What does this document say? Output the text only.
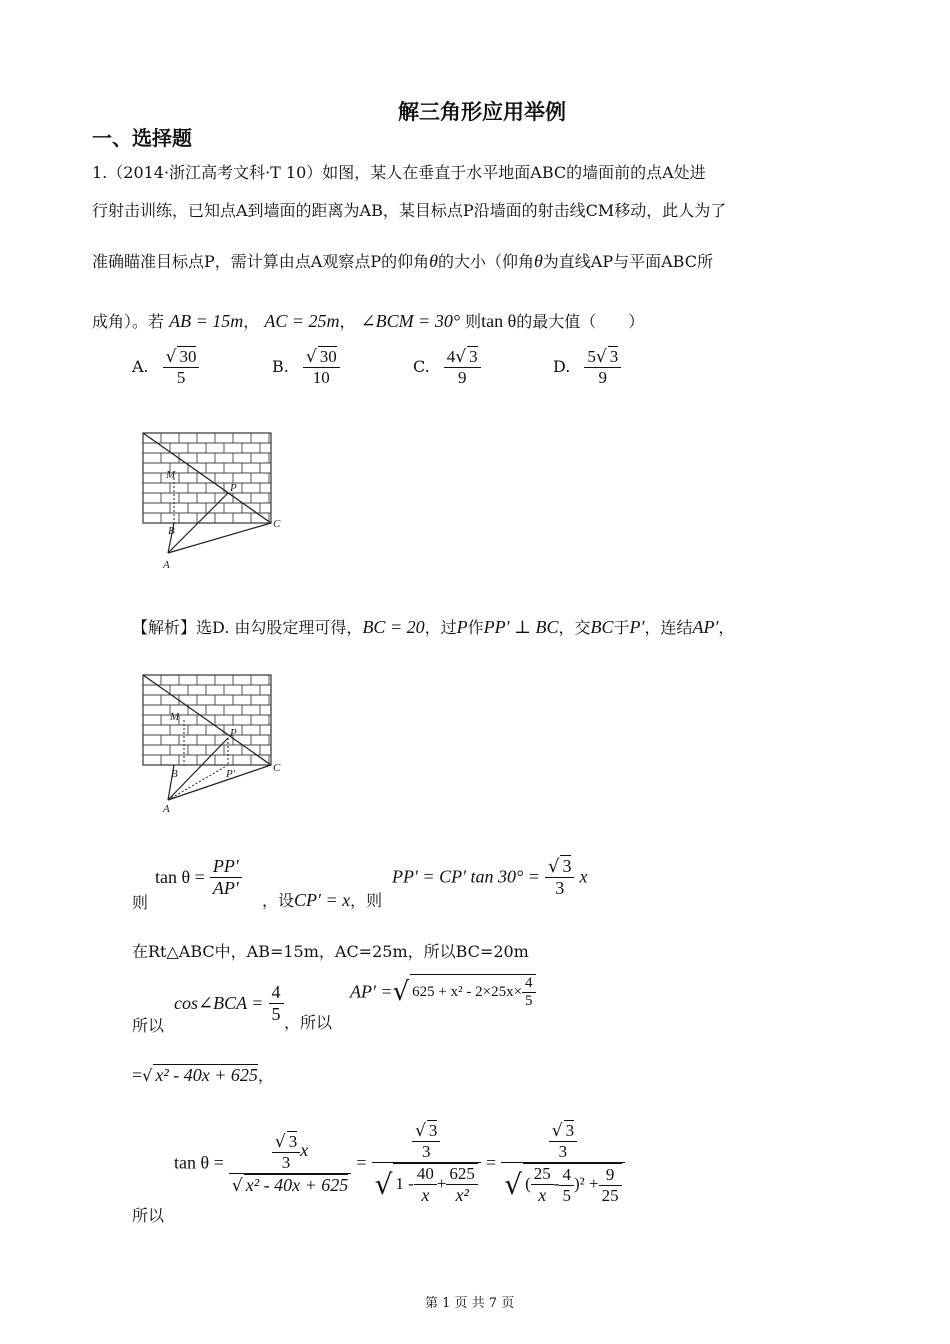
解三角形应用举例
一、选择题
1.（2014·浙江高考文科·T 10）如图，某人在垂直于水平地面ABC的墙面前的点A处进
行射击训练，已知点A到墙面的距离为AB，某目标点P沿墙面的射击线CM移动，此人为了
准确瞄准目标点P，需计算由点A观察点P的仰角θ的大小（仰角θ为直线AP与平面ABC所
成角）。若 AB = 15m， AC = 25m， ∠BCM = 30° 则tan θ的最大值（　　）
A. $\frac{√ 30}{5}$	B. $\frac{√ 30}{10}$	C. $\frac{4√ 3}{9}$	D. $\frac{5√ 3}{9}$
M
P
B
C
A
【解析】选D. 由勾股定理可得，BC = 20，过P作PP′ ⊥ BC，交BC于P′，连结AP′，
M
P
B	P′	C
A
则
$\tan \theta = \frac{PP'}{AP'}$
，设CP′ = x，则
PP′ = CP′ $\tan 30^\circ = \frac{√ 3}{3}$ x
在Rt△ABC中，AB=15m，AC=25m，所以BC=20m
所以
cos∠BCA = $\frac{4}{5}$ ，所以
AP′ =√ $625 + x^2 - 2\times 25x\times \frac{4}{5}$
=√ x² - 40x + 625，
所以
$\tan \theta = \frac{\frac{√ 3}{3} x}{\text{√ x² - 40x + 625}} = \frac{\frac{√ 3}{3}}{√ 1 - \frac{40}{x} + \frac{625}{\text{x²}}} = \frac{\frac{√ 3}{3}}{√ ( \frac{25}{x} - \frac{4}{5} )^2 + \frac{9}{25}}$
第 1 页 共 7 页
